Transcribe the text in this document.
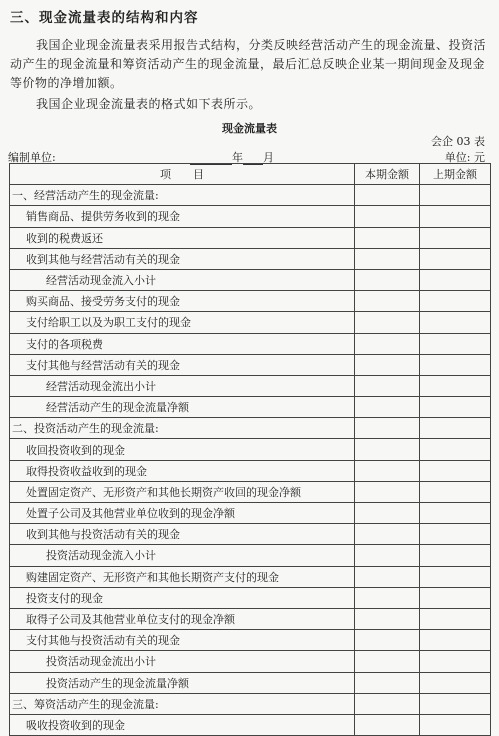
三、现金流量表的结构和内容
我国企业现金流量表采用报告式结构，分类反映经营活动产生的现金流量、投资活动产生的现金流量和筹资活动产生的现金流量，最后汇总反映企业某一期间现金及现金等价物的净增加额。
我国企业现金流量表的格式如下表所示。
现金流量表
会企 03 表
编制单位:	年 月	单位: 元
项　　目	本期金额	上期金额
一、经营活动产生的现金流量:		
销售商品、提供劳务收到的现金		
收到的税费返还		
收到其他与经营活动有关的现金		
经营活动现金流入小计		
购买商品、接受劳务支付的现金		
支付给职工以及为职工支付的现金		
支付的各项税费		
支付其他与经营活动有关的现金		
经营活动现金流出小计		
经营活动产生的现金流量净额		
二、投资活动产生的现金流量:		
收回投资收到的现金		
取得投资收益收到的现金		
处置固定资产、无形资产和其他长期资产收回的现金净额		
处置子公司及其他营业单位收到的现金净额		
收到其他与投资活动有关的现金		
投资活动现金流入小计		
购建固定资产、无形资产和其他长期资产支付的现金		
投资支付的现金		
取得子公司及其他营业单位支付的现金净额		
支付其他与投资活动有关的现金		
投资活动现金流出小计		
投资活动产生的现金流量净额		
三、筹资活动产生的现金流量:		
吸收投资收到的现金		
